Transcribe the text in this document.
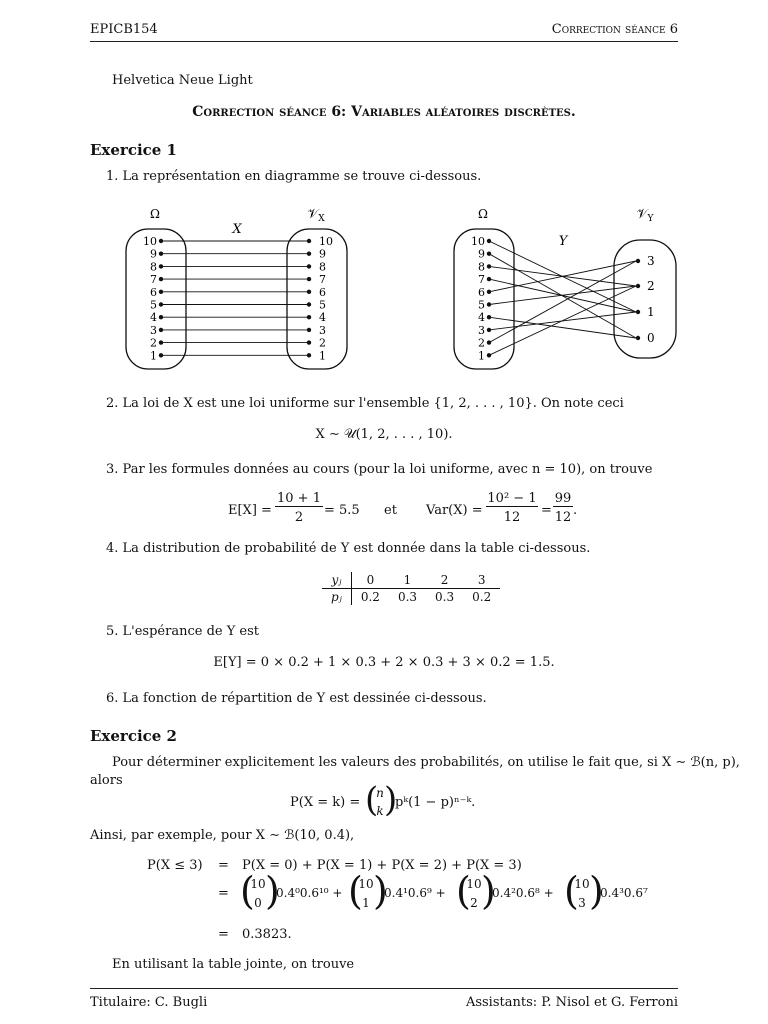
EPICB154	Correction séance 6
Helvetica Neue Light
Correction séance 6: Variables aléatoires discrètes.
Exercice 1
1. La représentation en diagramme se trouve ci-dessous.
Ω	𝒱$_X$
X
10	10
9	9
8	8
7	7
6	6
5	5
4	4
3	3
2	2
1	1
Ω	𝒱$_Y$
Y
3
2
1
0
10
9
8
7
6
5
4
3
2
1
2. La loi de X est une loi uniforme sur l'ensemble {1, 2, . . . , 10}. On note ceci
X ∼ 𝒰(1, 2, . . . , 10).
3. Par les formules données au cours (pour la loi uniforme, avec n = 10), on trouve
E[X] =
10 + 1
2	= 5.5 et Var(X) =
10² − 1
12	=
99
12 .
4. La distribution de probabilité de Y est donnée dans la table ci-dessous.
yⱼ	0	1	2	3
pⱼ	0.2	0.3	0.3	0.2
5. L'espérance de Y est
E[Y] = 0 × 0.2 + 1 × 0.3 + 2 × 0.3 + 3 × 0.2 = 1.5.
6. La fonction de répartition de Y est dessinée ci-dessous.
Exercice 2
Pour déterminer explicitement les valeurs des probabilités, on utilise le fait que, si X ∼ ℬ(n, p),
alors
P(X = k) = (
n
k )
pᵏ(1 − p)ⁿ⁻ᵏ.
Ainsi, par exemple, pour X ∼ ℬ(10, 0.4),
P(X ≤ 3) = P(X = 0) + P(X = 1) + P(X = 2) + P(X = 3)
= (
10
0 )
0.4⁰0.6¹⁰ + (
10
1 )
0.4¹0.6⁹ + (
10
2 )
0.4²0.6⁸ + (
10
3 )
0.4³0.6⁷
= 0.3823.
En utilisant la table jointe, on trouve
Titulaire: C. Bugli	Assistants: P. Nisol et G. Ferroni
